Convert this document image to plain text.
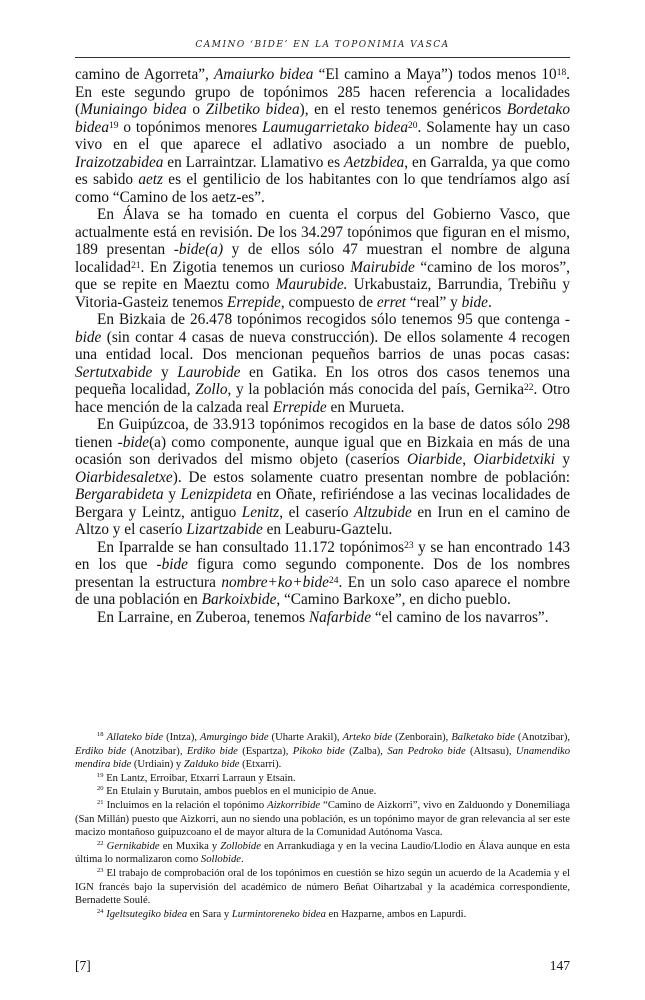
CAMINO ‘BIDE’ EN LA TOPONIMIA VASCA

camino de Agorreta”, Amaiurko bidea “El camino a Maya”) todos menos $10^{18}$. En este segundo grupo de topónimos 285 hacen referencia a localidades (Muniaingo bidea o Zilbetiko bidea), en el resto tenemos genéricos Bordetako bidea$^{19}$ o topónimos menores Laumugarrietako bidea$^{20}$. Solamente hay un caso vivo en el que aparece el adlativo asociado a un nombre de pueblo, Iraizotzabidea en Larraintzar. Llamativo es Aetzbidea, en Garralda, ya que como es sabido aetz es el gentilicio de los habitantes con lo que tendríamos algo así como “Camino de los aetz-es”.

En Álava se ha tomado en cuenta el corpus del Gobierno Vasco, que actualmente está en revisión. De los 34.297 topónimos que figuran en el mismo, 189 presentan -bide(a) y de ellos sólo 47 muestran el nombre de alguna localidad$^{21}$. En Zigotia tenemos un curioso Mairubide “camino de los moros”, que se repite en Maeztu como Maurubide. Urkabustaiz, Barrundia, Trebiñu y Vitoria-Gasteiz tenemos Errepide, compuesto de erret “real” y bide.

En Bizkaia de 26.478 topónimos recogidos sólo tenemos 95 que contenga -bide (sin contar 4 casas de nueva construcción). De ellos solamente 4 recogen una entidad local. Dos mencionan pequeños barrios de unas pocas casas: Sertutxabide y Laurobide en Gatika. En los otros dos casos tenemos una pequeña localidad, Zollo, y la población más conocida del país, Gernika$^{22}$. Otro hace mención de la calzada real Errepide en Murueta.

En Guipúzcoa, de 33.913 topónimos recogidos en la base de datos sólo 298 tienen -bide(a) como componente, aunque igual que en Bizkaia en más de una ocasión son derivados del mismo objeto (caseríos Oiarbide, Oiarbidetxiki y Oiarbidesaletxe). De estos solamente cuatro presentan nombre de población: Bergarabideta y Lenizpideta en Oñate, refiriéndose a las vecinas localidades de Bergara y Leintz, antiguo Lenitz, el caserío Altzubide en Irun en el camino de Altzo y el caserío Lizartzabide en Leaburu-Gaztelu.

En Iparralde se han consultado 11.172 topónimos$^{23}$ y se han encontrado 143 en los que -bide figura como segundo componente. Dos de los nombres presentan la estructura nombre+ko+bide$^{24}$. En un solo caso aparece el nombre de una población en Barkoixbide, “Camino Barkoxe”, en dicho pueblo.

En Larraine, en Zuberoa, tenemos Nafarbide “el camino de los navarros”.

$^{18}$ Allateko bide (Intza), Amurgingo bide (Uharte Arakil), Arteko bide (Zenborain), Balketako bide (Anotzibar), Erdiko bide (Anotzibar), Erdiko bide (Espartza), Pikoko bide (Zalba), San Pedroko bide (Altsasu), Unamendiko mendira bide (Urdiain) y Zalduko bide (Etxarri).

$^{19}$ En Lantz, Erroibar, Etxarri Larraun y Etsain.

$^{20}$ En Etulain y Burutain, ambos pueblos en el municipio de Anue.

$^{21}$ Incluimos en la relación el topónimo Aizkorribide “Camino de Aizkorri”, vivo en Zalduondo y Donemiliaga (San Millán) puesto que Aizkorri, aun no siendo una población, es un topónimo mayor de gran relevancia al ser este macizo montañoso guipuzcoano el de mayor altura de la Comunidad Autónoma Vasca.

$^{22}$ Gernikabide en Muxika y Zollobide en Arrankudiaga y en la vecina Laudio/Llodio en Álava aunque en esta última lo normalizaron como Sollobide.

$^{23}$ El trabajo de comprobación oral de los topónimos en cuestión se hizo según un acuerdo de la Academia y el IGN francés bajo la supervisión del académico de número Beñat Oihartzabal y la académica correspondiente, Bernadette Soulé.

$^{24}$ Igeltsutegiko bidea en Sara y Lurmintoreneko bidea en Hazparne, ambos en Lapurdi.

[7]	147
